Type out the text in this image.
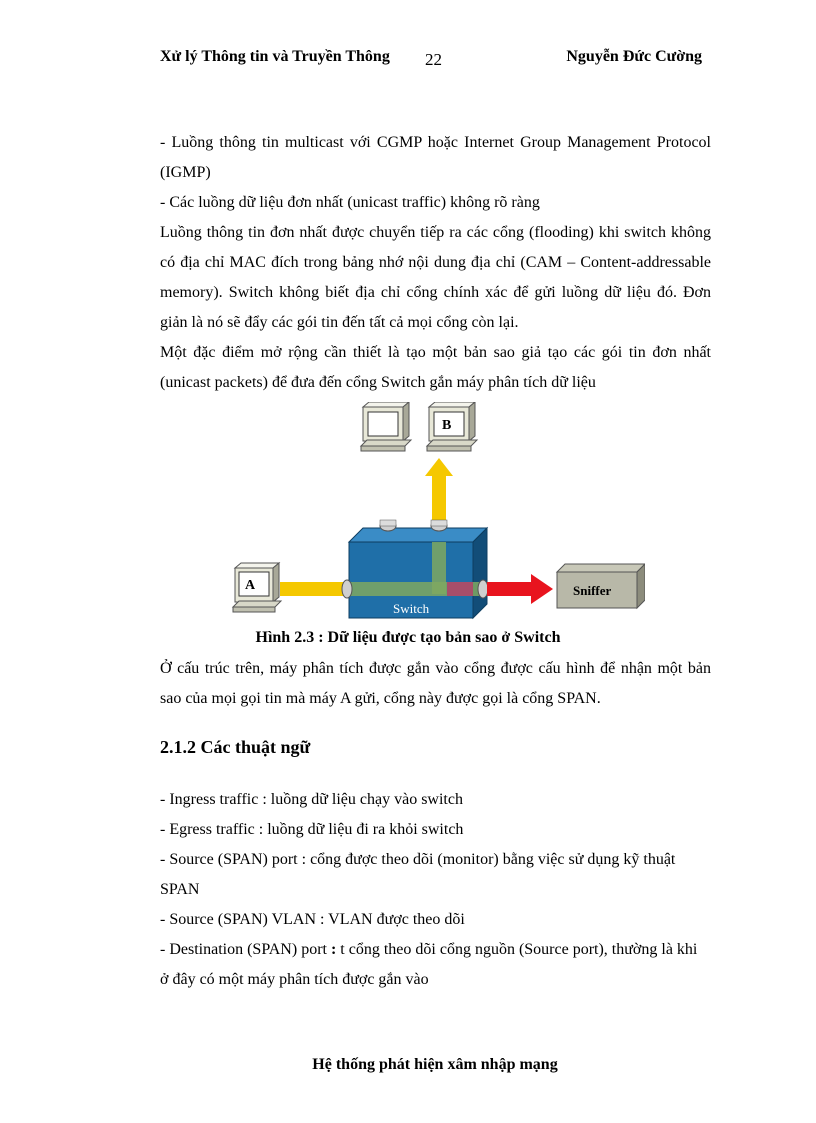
Xử lý Thông tin và Truyền Thông 22	Nguyễn Đức Cường
- Luồng thông tin multicast với CGMP hoặc Internet Group Management Protocol
(IGMP)
- Các luồng dữ liệu đơn nhất (unicast traffic) không rõ ràng
Luồng thông tin đơn nhất được chuyển tiếp ra các cổng (flooding) khi switch không
có địa chỉ MAC đích trong bảng nhớ nội dung địa chỉ (CAM – Content-addressable
memory). Switch không biết địa chỉ cổng chính xác để gửi luồng dữ liệu đó. Đơn
giản là nó sẽ đẩy các gói tin đến tất cả mọi cổng còn lại.
Một đặc điểm mở rộng cần thiết là tạo một bản sao giả tạo các gói tin đơn nhất
(unicast packets) để đưa đến cổng Switch gắn máy phân tích dữ liệu
B
A
Switch
Sniffer
Hình 2.3 : Dữ liệu được tạo bản sao ở Switch
Ở cấu trúc trên, máy phân tích được gắn vào cổng được cấu hình để nhận một bản
sao của mọi gọi tin mà máy A gửi, cổng này được gọi là cổng SPAN.
2.1.2 Các thuật ngữ
- Ingress traffic : luồng dữ liệu chạy vào switch
- Egress traffic : luồng dữ liệu đi ra khỏi switch
- Source (SPAN) port : cổng được theo dõi (monitor) bằng việc sử dụng kỹ thuật
SPAN
- Source (SPAN) VLAN : VLAN được theo dõi
- Destination (SPAN) port : t cổng theo dõi cổng nguồn (Source port), thường là khi
ở đây có một máy phân tích được gắn vào
Hệ thống phát hiện xâm nhập mạng
